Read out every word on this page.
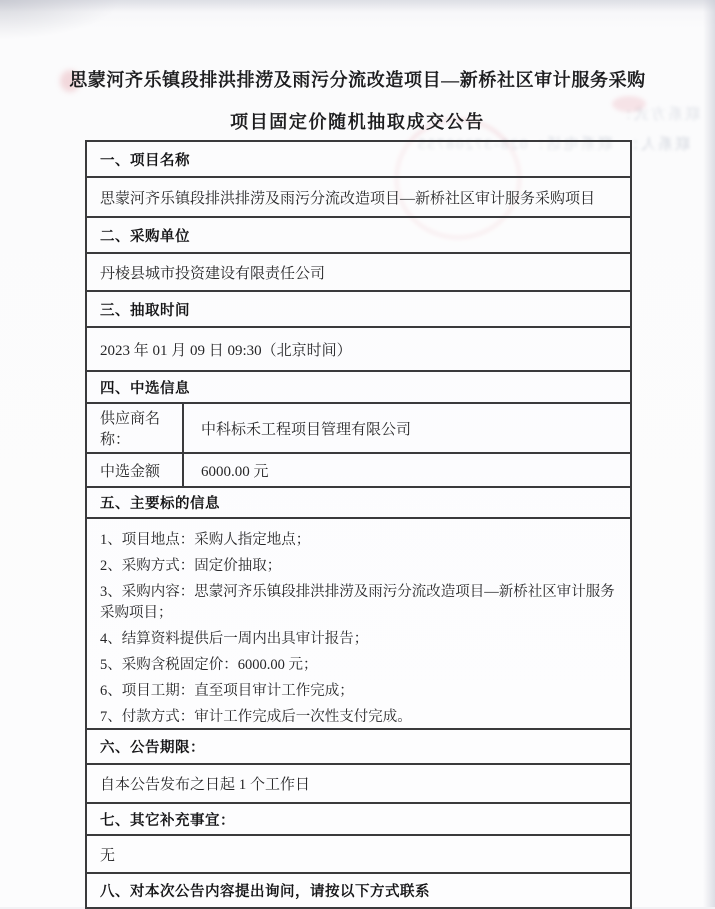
联系人：　联系电话：028-37208755
联系方式：
思蒙河齐乐镇段排洪排涝及雨污分流改造项目—新桥社区审计服务采购
项目固定价随机抽取成交公告
一、项目名称
思蒙河齐乐镇段排洪排涝及雨污分流改造项目—新桥社区审计服务采购项目
二、采购单位
丹棱县城市投资建设有限责任公司
三、抽取时间
2023 年 01 月 09 日 09:30（北京时间）
四、中选信息
供应商名称：
中科标禾工程项目管理有限公司
中选金额	6000.00 元
五、主要标的信息
1、项目地点：采购人指定地点；
2、采购方式：固定价抽取；
3、采购内容：思蒙河齐乐镇段排洪排涝及雨污分流改造项目—新桥社区审计服务采购项目；
4、结算资料提供后一周内出具审计报告；
5、采购含税固定价：6000.00 元；
6、项目工期：直至项目审计工作完成；
7、付款方式：审计工作完成后一次性支付完成。
六、公告期限：
自本公告发布之日起 1 个工作日
七、其它补充事宜：
无
八、对本次公告内容提出询问，请按以下方式联系
